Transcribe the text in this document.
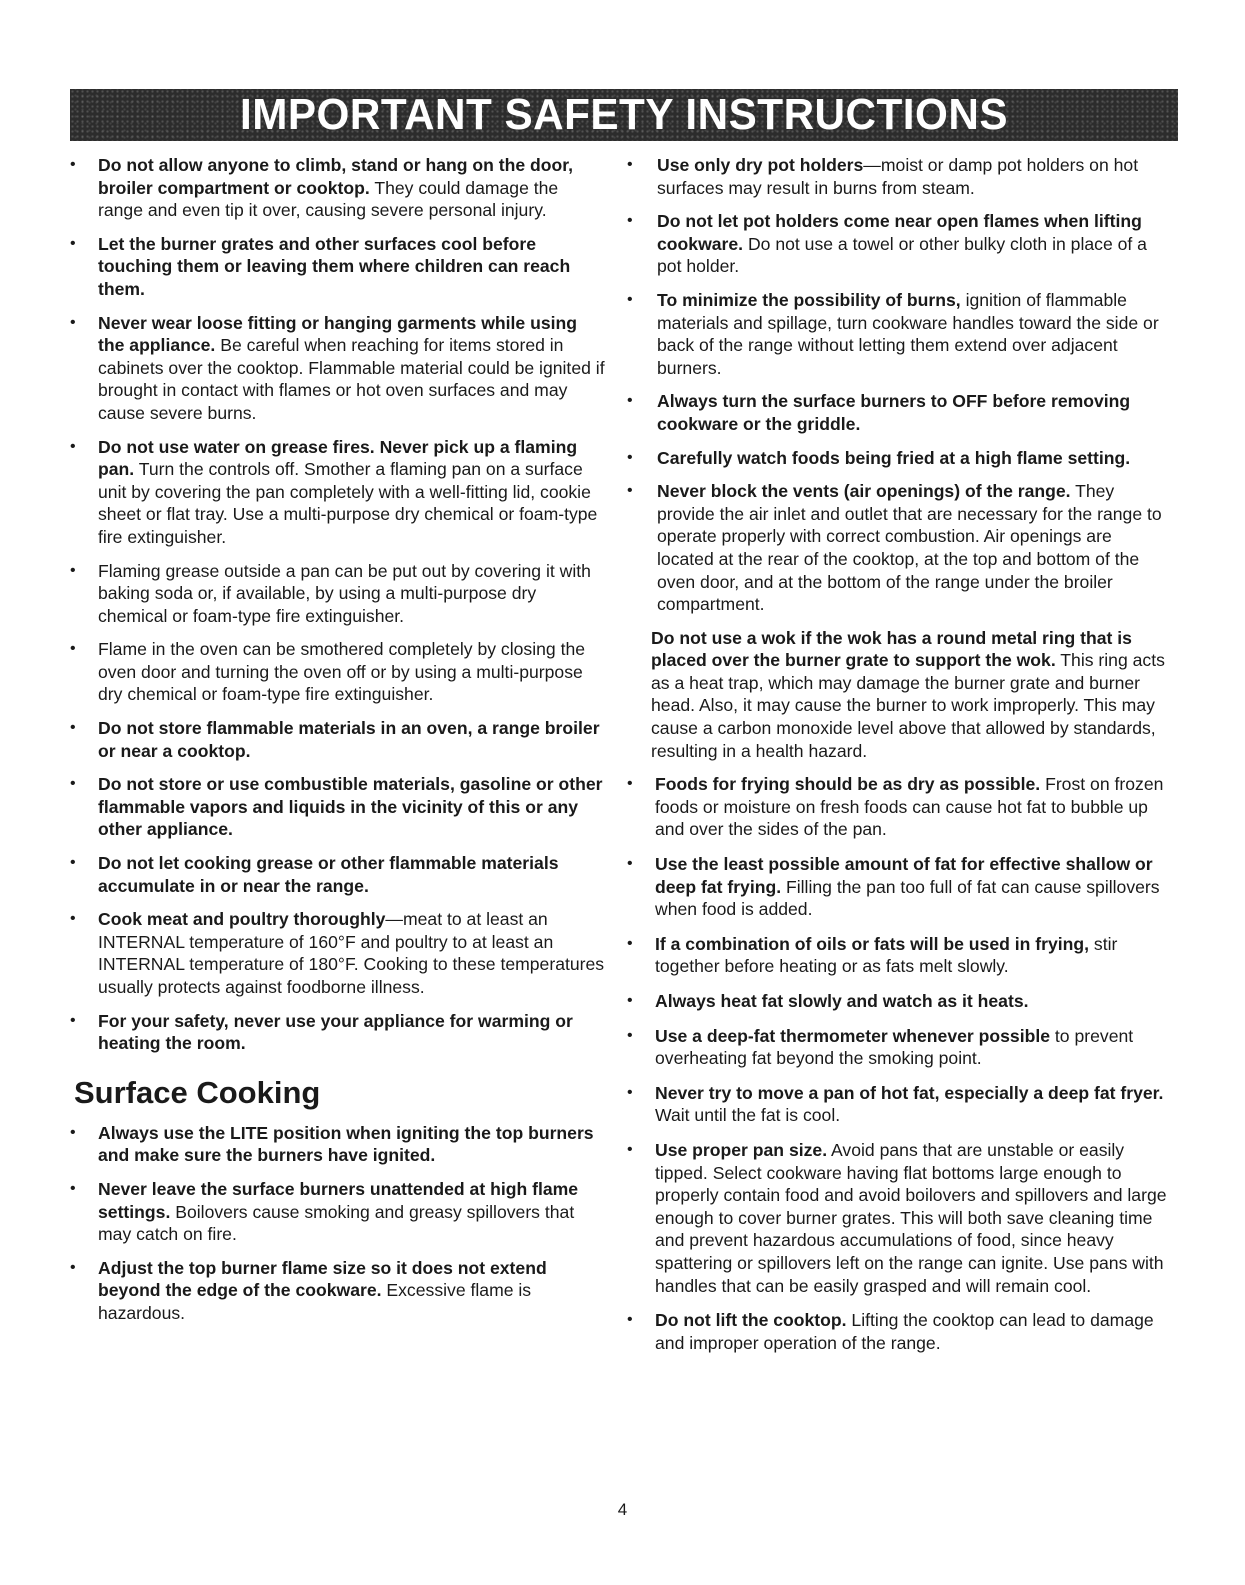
IMPORTANT SAFETY INSTRUCTIONS
• Do not allow anyone to climb, stand or hang on the door, broiler compartment or cooktop. They could damage the range and even tip it over, causing severe personal injury.
• Let the burner grates and other surfaces cool before touching them or leaving them where children can reach them.
• Never wear loose fitting or hanging garments while using the appliance. Be careful when reaching for items stored in cabinets over the cooktop. Flammable material could be ignited if brought in contact with flames or hot oven surfaces and may cause severe burns.
• Do not use water on grease fires. Never pick up a flaming pan. Turn the controls off. Smother a flaming pan on a surface unit by covering the pan completely with a well-fitting lid, cookie sheet or flat tray. Use a multi-purpose dry chemical or foam-type fire extinguisher.
• Flaming grease outside a pan can be put out by covering it with baking soda or, if available, by using a multi-purpose dry chemical or foam-type fire extinguisher.
• Flame in the oven can be smothered completely by closing the oven door and turning the oven off or by using a multi-purpose dry chemical or foam-type fire extinguisher.
• Do not store flammable materials in an oven, a range broiler or near a cooktop.
• Do not store or use combustible materials, gasoline or other flammable vapors and liquids in the vicinity of this or any other appliance.
• Do not let cooking grease or other flammable materials accumulate in or near the range.
• Cook meat and poultry thoroughly—meat to at least an INTERNAL temperature of 160°F and poultry to at least an INTERNAL temperature of 180°F. Cooking to these temperatures usually protects against foodborne illness.
• For your safety, never use your appliance for warming or heating the room.
Surface Cooking
• Always use the LITE position when igniting the top burners and make sure the burners have ignited.
• Never leave the surface burners unattended at high flame settings. Boilovers cause smoking and greasy spillovers that may catch on fire.
• Adjust the top burner flame size so it does not extend beyond the edge of the cookware. Excessive flame is hazardous.
• Use only dry pot holders—moist or damp pot holders on hot surfaces may result in burns from steam.
• Do not let pot holders come near open flames when lifting cookware. Do not use a towel or other bulky cloth in place of a pot holder.
• To minimize the possibility of burns, ignition of flammable materials and spillage, turn cookware handles toward the side or back of the range without letting them extend over adjacent burners.
• Always turn the surface burners to OFF before removing cookware or the griddle.
• Carefully watch foods being fried at a high flame setting.
• Never block the vents (air openings) of the range. They provide the air inlet and outlet that are necessary for the range to operate properly with correct combustion. Air openings are located at the rear of the cooktop, at the top and bottom of the oven door, and at the bottom of the range under the broiler compartment.

Do not use a wok if the wok has a round metal ring that is placed over the burner grate to support the wok. This ring acts as a heat trap, which may damage the burner grate and burner head. Also, it may cause the burner to work improperly. This may cause a carbon monoxide level above that allowed by standards, resulting in a health hazard.

• Foods for frying should be as dry as possible. Frost on frozen foods or moisture on fresh foods can cause hot fat to bubble up and over the sides of the pan.
• Use the least possible amount of fat for effective shallow or deep fat frying. Filling the pan too full of fat can cause spillovers when food is added.
• If a combination of oils or fats will be used in frying, stir together before heating or as fats melt slowly.
• Always heat fat slowly and watch as it heats.
• Use a deep-fat thermometer whenever possible to prevent overheating fat beyond the smoking point.
• Never try to move a pan of hot fat, especially a deep fat fryer. Wait until the fat is cool.
• Use proper pan size. Avoid pans that are unstable or easily tipped. Select cookware having flat bottoms large enough to properly contain food and avoid boilovers and spillovers and large enough to cover burner grates. This will both save cleaning time and prevent hazardous accumulations of food, since heavy spattering or spillovers left on the range can ignite. Use pans with handles that can be easily grasped and will remain cool.
• Do not lift the cooktop. Lifting the cooktop can lead to damage and improper operation of the range.
4
